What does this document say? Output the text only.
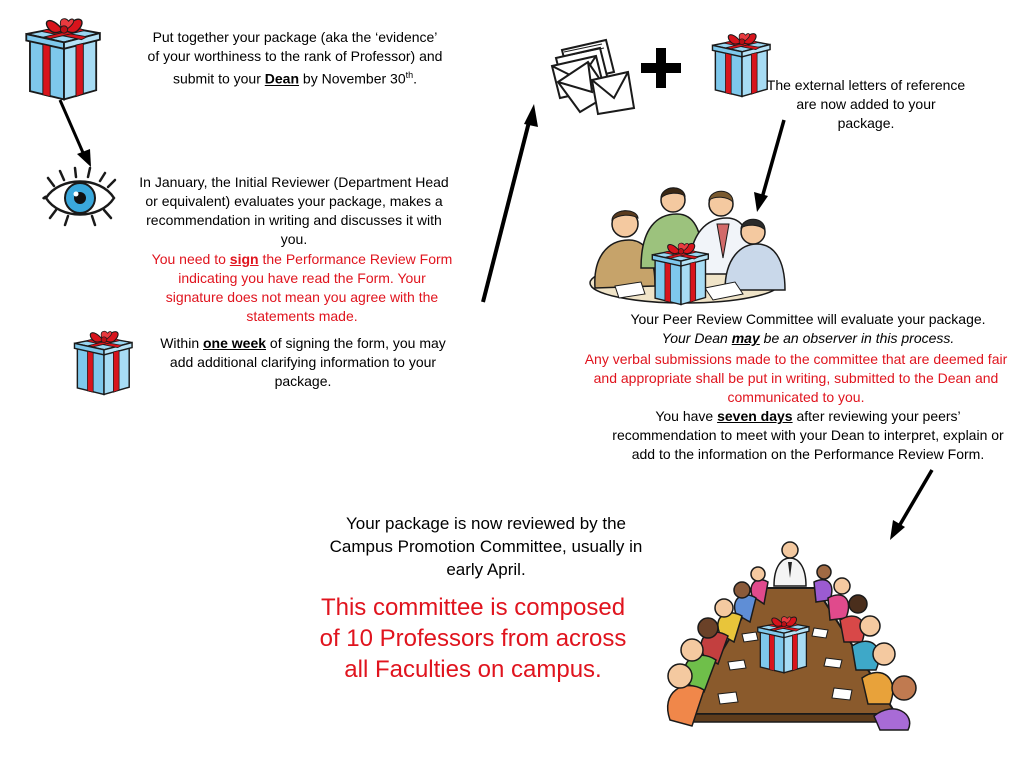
Put together your package (aka the ‘evidence’
of your worthiness to the rank of Professor) and
submit to your Dean by November 30th.
In January, the Initial Reviewer (Department Head or equivalent) evaluates your package, makes a recommendation in writing and discusses it with you.
You need to sign the Performance Review Form indicating you have read the Form. Your signature does not mean you agree with the statements made.
Within one week of signing the form, you may add additional clarifying information to your package.
The external letters of reference are now added to your package.
Your Peer Review Committee will evaluate your package.
Your Dean may be an observer in this process.
Any verbal submissions made to the committee that are deemed fair and appropriate shall be put in writing, submitted to the Dean and communicated to you.
You have seven days after reviewing your peers’ recommendation to meet with your Dean to interpret, explain or add to the information on the Performance Review Form.
Your package is now reviewed by the Campus Promotion Committee, usually in early April.
This committee is composed of 10 Professors from across all Faculties on campus.
